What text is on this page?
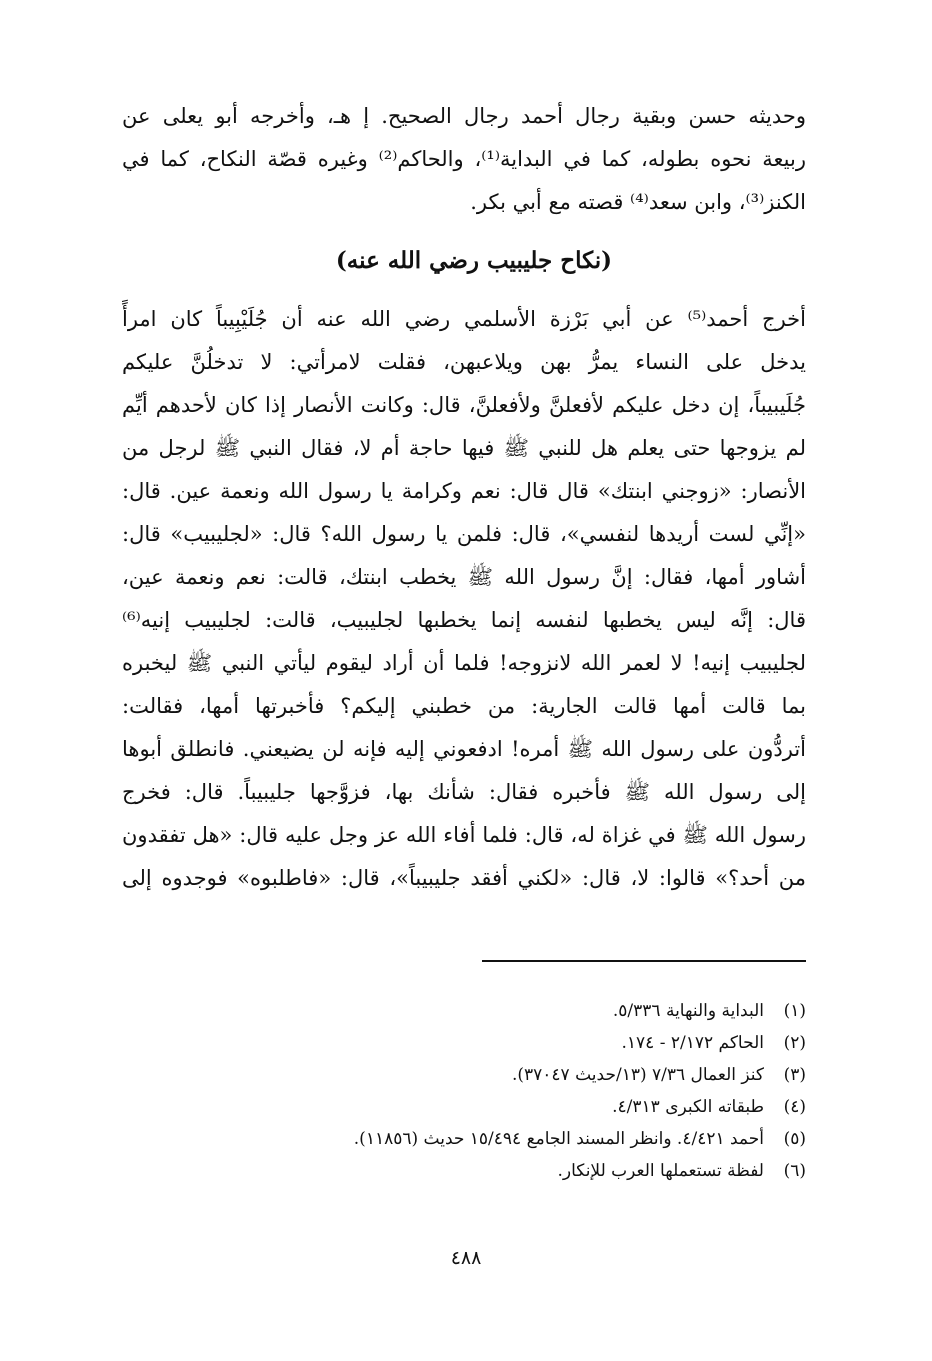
وحديثه حسن وبقية رجال أحمد رجال الصحيح. إ هـ، وأخرجه أبو يعلى عن
ربيعة نحوه بطوله، كما في البداية⁽¹⁾، والحاكم⁽²⁾ وغيره قصّة النكاح، كما في
الكنز⁽³⁾، وابن سعد⁽⁴⁾ قصته مع أبي بكر.
(نكاح جليبيب رضي الله عنه)
أخرج أحمد⁽⁵⁾ عن أبي بَرْزة الأسلمي رضي الله عنه أن جُلَيْبِيباً كان امرأً
يدخل على النساء يمرُّ بهن ويلاعبهن، فقلت لامرأتي: لا تدخلُنَّ عليكم
جُلَيبيباً، إن دخل عليكم لأفعلنَّ ولأفعلنَّ، قال: وكانت الأنصار إذا كان لأحدهم أيِّم
لم يزوجها حتى يعلم هل للنبي ﷺ فيها حاجة أم لا، فقال النبي ﷺ لرجل من
الأنصار: «زوجني ابنتك» قال قال: نعم وكرامة يا رسول الله ونعمة عين. قال:
«إنِّي لست أريدها لنفسي»، قال: فلمن يا رسول الله؟ قال: «لجليبيب» قال:
أشاور أمها، فقال: إنَّ رسول الله ﷺ يخطب ابنتك، قالت: نعم ونعمة عين،
قال: إنَّه ليس يخطبها لنفسه إنما يخطبها لجليبيب، قالت: لجليبيب إنيه⁽⁶⁾
لجليبيب إنيه! لا لعمر الله لانزوجه! فلما أن أراد ليقوم ليأتي النبي ﷺ ليخبره
بما قالت أمها قالت الجارية: من خطبني إليكم؟ فأخبرتها أمها، فقالت:
أتردُّون على رسول الله ﷺ أمره! ادفعوني إليه فإنه لن يضيعني. فانطلق أبوها
إلى رسول الله ﷺ فأخبره فقال: شأنك بها، فزوَّجها جليبيباً. قال: فخرج
رسول الله ﷺ في غزاة له، قال: فلما أفاء الله عز وجل عليه قال: «هل تفقدون
من أحد؟» قالوا: لا، قال: «لكني أفقد جليبيباً»، قال: «فاطلبوه» فوجدوه إلى
(١)
البداية والنهاية ٥/٣٣٦.
(٢)
الحاكم ٢/١٧٢ - ١٧٤.
(٣)
كنز العمال ٧/٣٦ (١٣/حديث ٣٧٠٤٧).
(٤)
طبقاته الكبرى ٤/٣١٣.
(٥)
أحمد ٤/٤٢١. وانظر المسند الجامع ١٥/٤٩٤ حديث (١١٨٥٦).
(٦)
لفظة تستعملها العرب للإنكار.
٤٨٨
